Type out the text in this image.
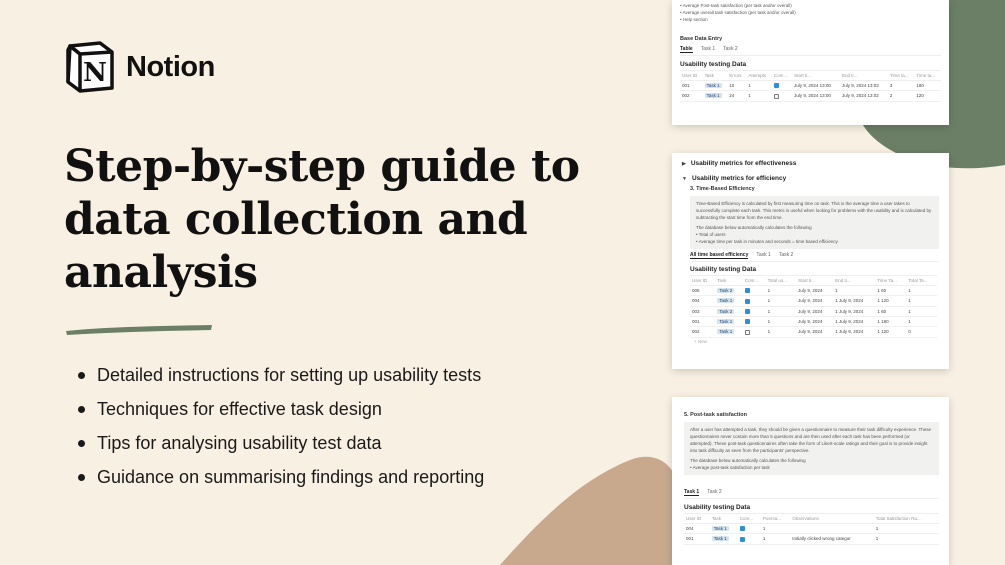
N Notion
Step-by-step guide to data collection and analysis
Detailed instructions for setting up usability tests
Techniques for effective task design
Tips for analysing usability test data
Guidance on summarising findings and reporting
• Average Post-task satisfaction (per task and/or overall)
• Average overall task satisfaction (per task and/or overall)
• Help section
Base Data Entry
Table Task 1 Task 2
Usability testing Data
User ID	Task	Errors	Attempts	Com...	Start ti...	End ti...	Time ta...	Time ta...
001	Task 1	10	1		July 9, 2024 13:00	July 9, 2024 13:03	3	180
002	Task 1	24	1		July 9, 2024 13:00	July 9, 2024 13:02	2	120
▶ Usability metrics for effectiveness
▼ Usability metrics for efficiency
3. Time-Based Efficiency
Time-Based Efficiency is calculated by first measuring time on task. This is the average time a user takes to successfully complete each task. This metric is useful when looking for problems with the usability and is calculated by subtracting the start time from the end time.
The database below automatically calculates the following
• Total of users
• Average time per task in minutes and seconds = time based efficiency
All time based efficiency Task 1 Task 2
Usability testing Data
User ID	Task	Com...	Total us...	Start ti...	End ti...	Time Ta...	Total Ta...
005	Task 2		1	July 9, 2024	1	1 60	1
004	Task 1		1	July 9, 2024	1 July 9, 2024	1 120	1
003	Task 2		1	July 9, 2024	1 July 9, 2024	1 60	1
001	Task 1		1	July 9, 2024	1 July 9, 2024	1 180	1
002	Task 1		1	July 9, 2024	1 July 9, 2024	1 120	0
+ New
5. Post-task satisfaction
After a user has attempted a task, they should be given a questionnaire to measure their task difficulty experience. These questionnaires never contain more than 5 questions and are then used after each task has been performed (or attempted). These post-task questionnaires often take the form of Likert-scale ratings and their goal is to provide insight into task difficulty as seen from the participants' perspective.
The database below automatically calculates the following
• Average post-task satisfaction per task
Task 1 Task 2
Usability testing Data
User ID	Task	Com...	Post-ta...	Observations	Total Satisfaction Ra...
004	Task 1		1		1
001	Task 1		1	Initially clicked wrong categor	1
